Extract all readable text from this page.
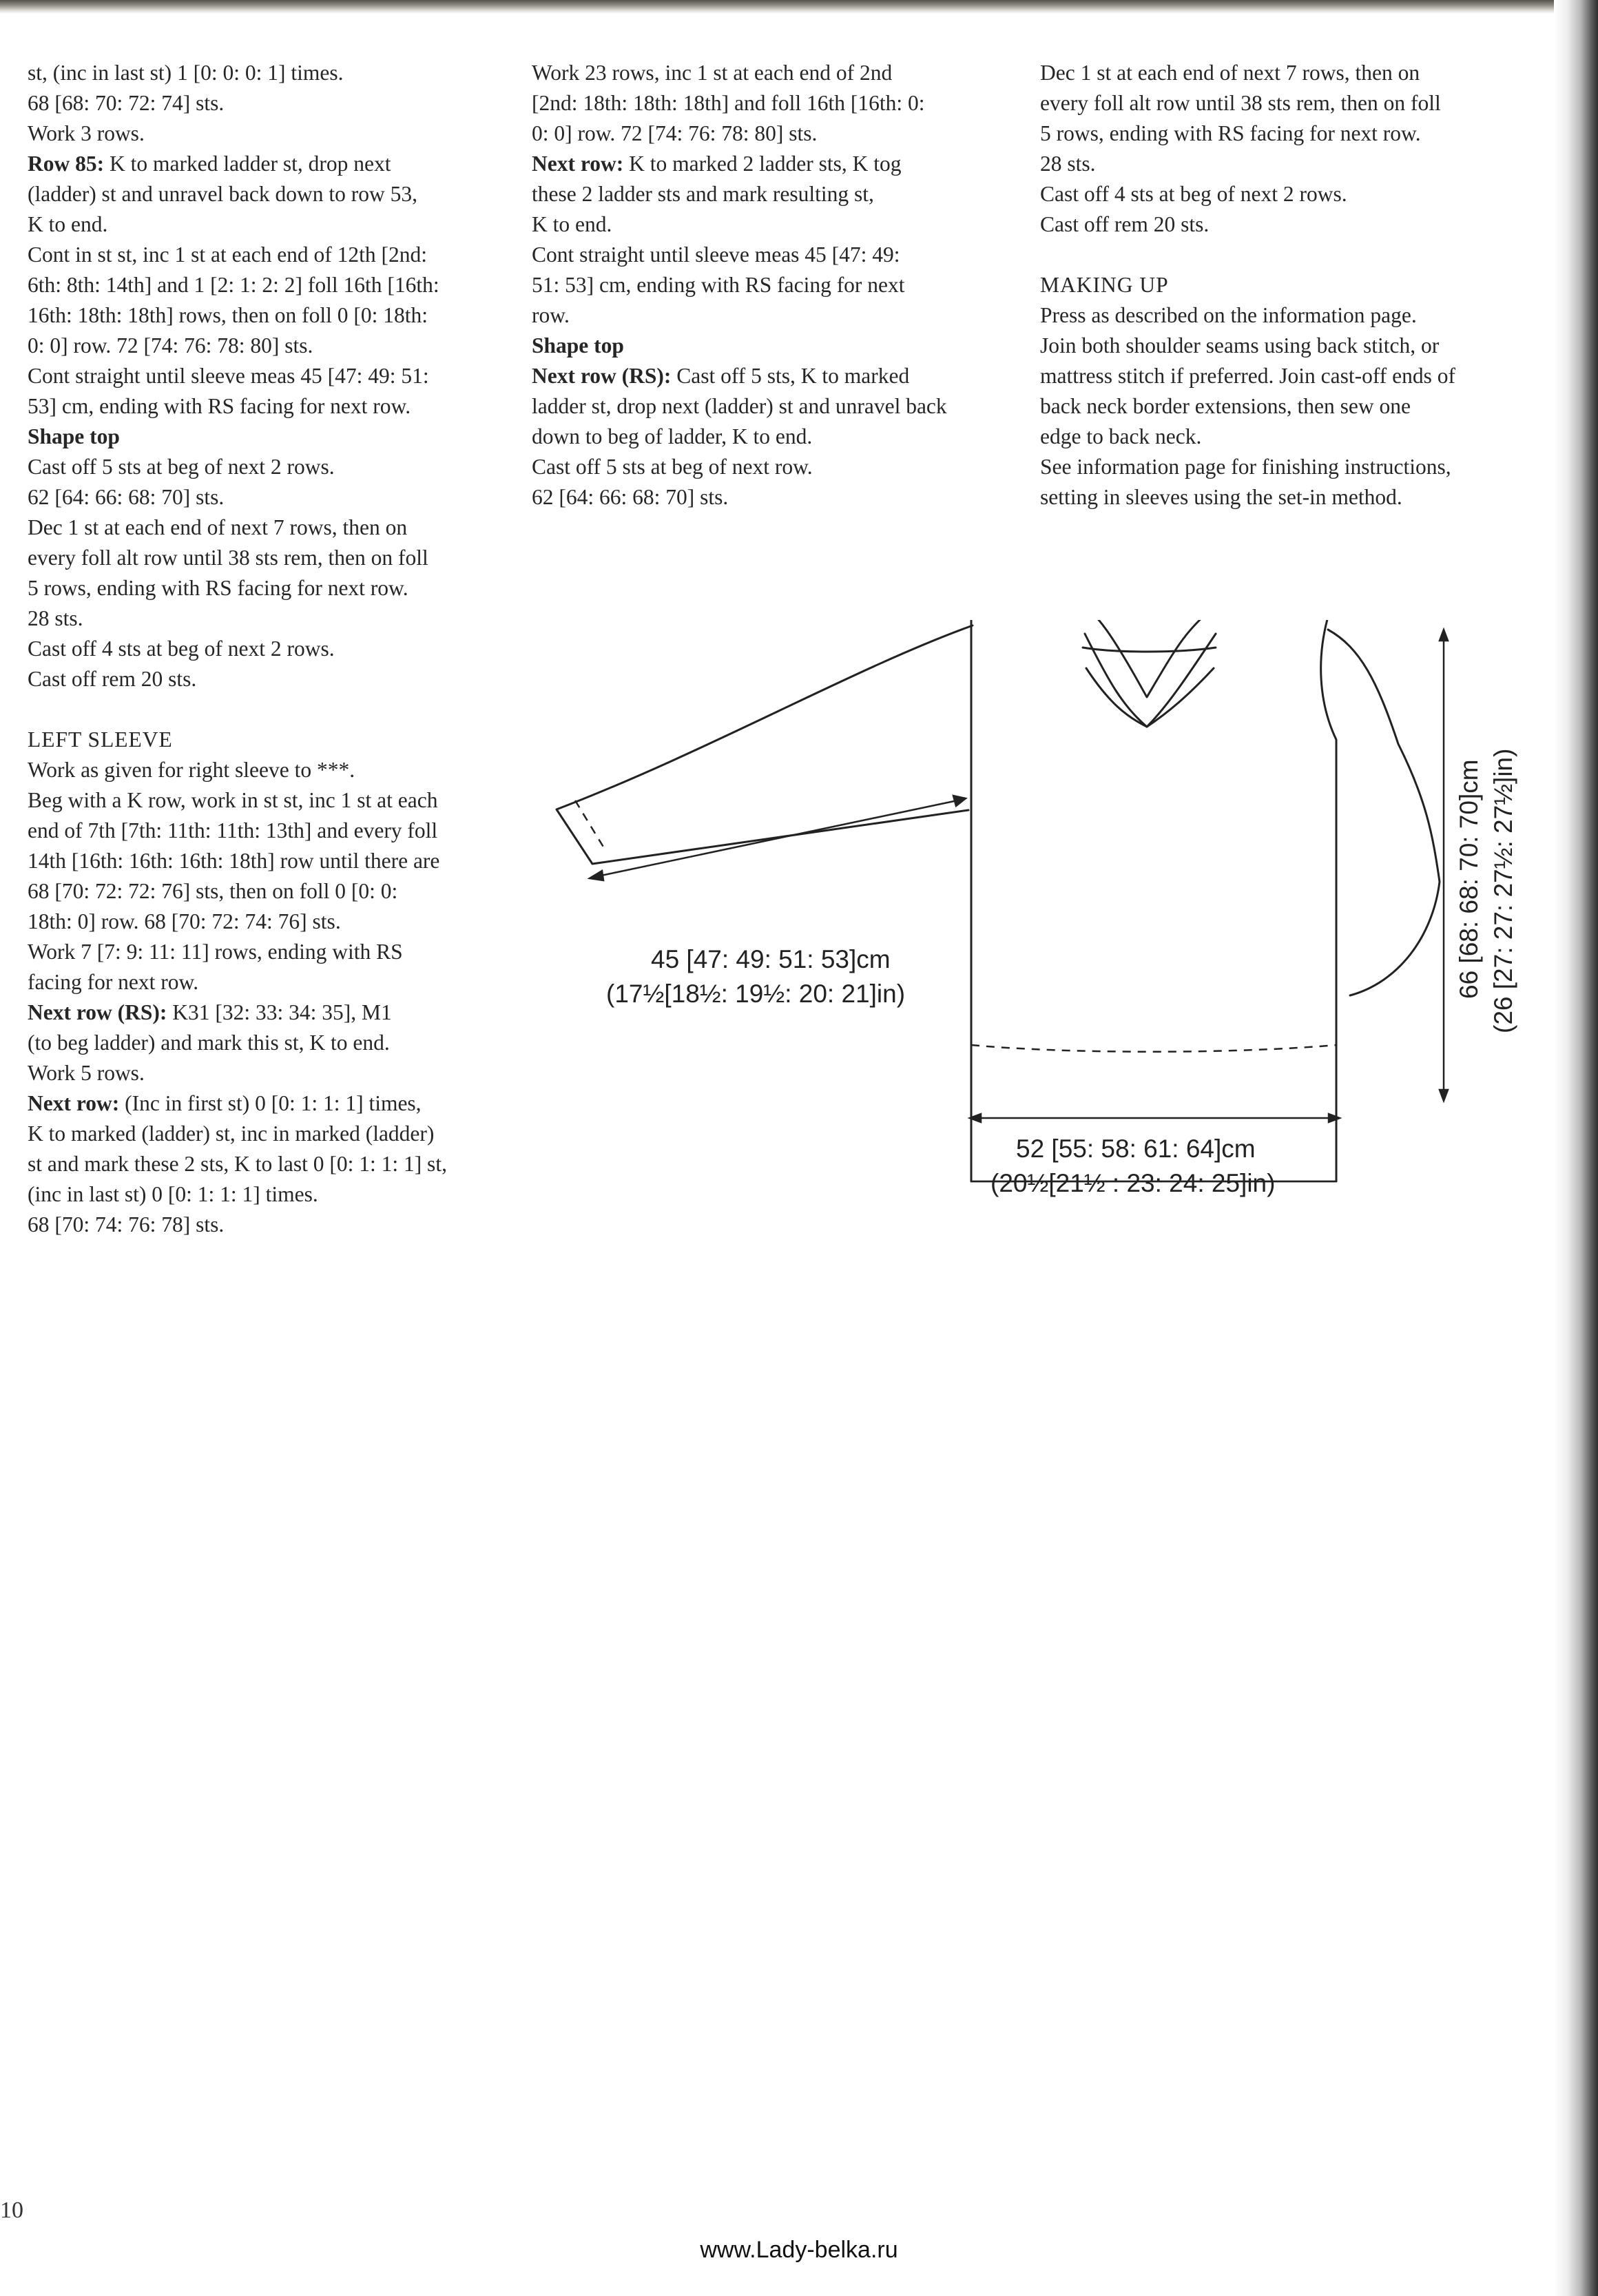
st, (inc in last st) 1 [0: 0: 0: 1] times.
68 [68: 70: 72: 74] sts.
Work 3 rows.
Row 85: K to marked ladder st, drop next
(ladder) st and unravel back down to row 53,
K to end.
Cont in st st, inc 1 st at each end of 12th [2nd:
6th: 8th: 14th] and 1 [2: 1: 2: 2] foll 16th [16th:
16th: 18th: 18th] rows, then on foll 0 [0: 18th:
0: 0] row. 72 [74: 76: 78: 80] sts.
Cont straight until sleeve meas 45 [47: 49: 51:
53] cm, ending with RS facing for next row.
Shape top
Cast off 5 sts at beg of next 2 rows.
62 [64: 66: 68: 70] sts.
Dec 1 st at each end of next 7 rows, then on
every foll alt row until 38 sts rem, then on foll
5 rows, ending with RS facing for next row.
28 sts.
Cast off 4 sts at beg of next 2 rows.
Cast off rem 20 sts.
LEFT SLEEVE
Work as given for right sleeve to ***.
Beg with a K row, work in st st, inc 1 st at each
end of 7th [7th: 11th: 11th: 13th] and every foll
14th [16th: 16th: 16th: 18th] row until there are
68 [70: 72: 72: 76] sts, then on foll 0 [0: 0:
18th: 0] row. 68 [70: 72: 74: 76] sts.
Work 7 [7: 9: 11: 11] rows, ending with RS
facing for next row.
Next row (RS): K31 [32: 33: 34: 35], M1
(to beg ladder) and mark this st, K to end.
Work 5 rows.
Next row: (Inc in first st) 0 [0: 1: 1: 1] times,
K to marked (ladder) st, inc in marked (ladder)
st and mark these 2 sts, K to last 0 [0: 1: 1: 1] st,
(inc in last st) 0 [0: 1: 1: 1] times.
68 [70: 74: 76: 78] sts.
Work 23 rows, inc 1 st at each end of 2nd
[2nd: 18th: 18th: 18th] and foll 16th [16th: 0:
0: 0] row. 72 [74: 76: 78: 80] sts.
Next row: K to marked 2 ladder sts, K tog
these 2 ladder sts and mark resulting st,
K to end.
Cont straight until sleeve meas 45 [47: 49:
51: 53] cm, ending with RS facing for next
row.
Shape top
Next row (RS): Cast off 5 sts, K to marked
ladder st, drop next (ladder) st and unravel back
down to beg of ladder, K to end.
Cast off 5 sts at beg of next row.
62 [64: 66: 68: 70] sts.
Dec 1 st at each end of next 7 rows, then on
every foll alt row until 38 sts rem, then on foll
5 rows, ending with RS facing for next row.
28 sts.
Cast off 4 sts at beg of next 2 rows.
Cast off rem 20 sts.
MAKING UP
Press as described on the information page.
Join both shoulder seams using back stitch, or
mattress stitch if preferred. Join cast-off ends of
back neck border extensions, then sew one
edge to back neck.
See information page for finishing instructions,
setting in sleeves using the set-in method.
45 [47: 49: 51: 53]cm
(17½[18½: 19½: 20: 21]in)
52 [55: 58: 61: 64]cm
(20½[21½ : 23: 24: 25]in)
66 [68: 68: 70: 70]cm (26 [27: 27: 27½: 27½]in)
10
www.Lady-belka.ru
